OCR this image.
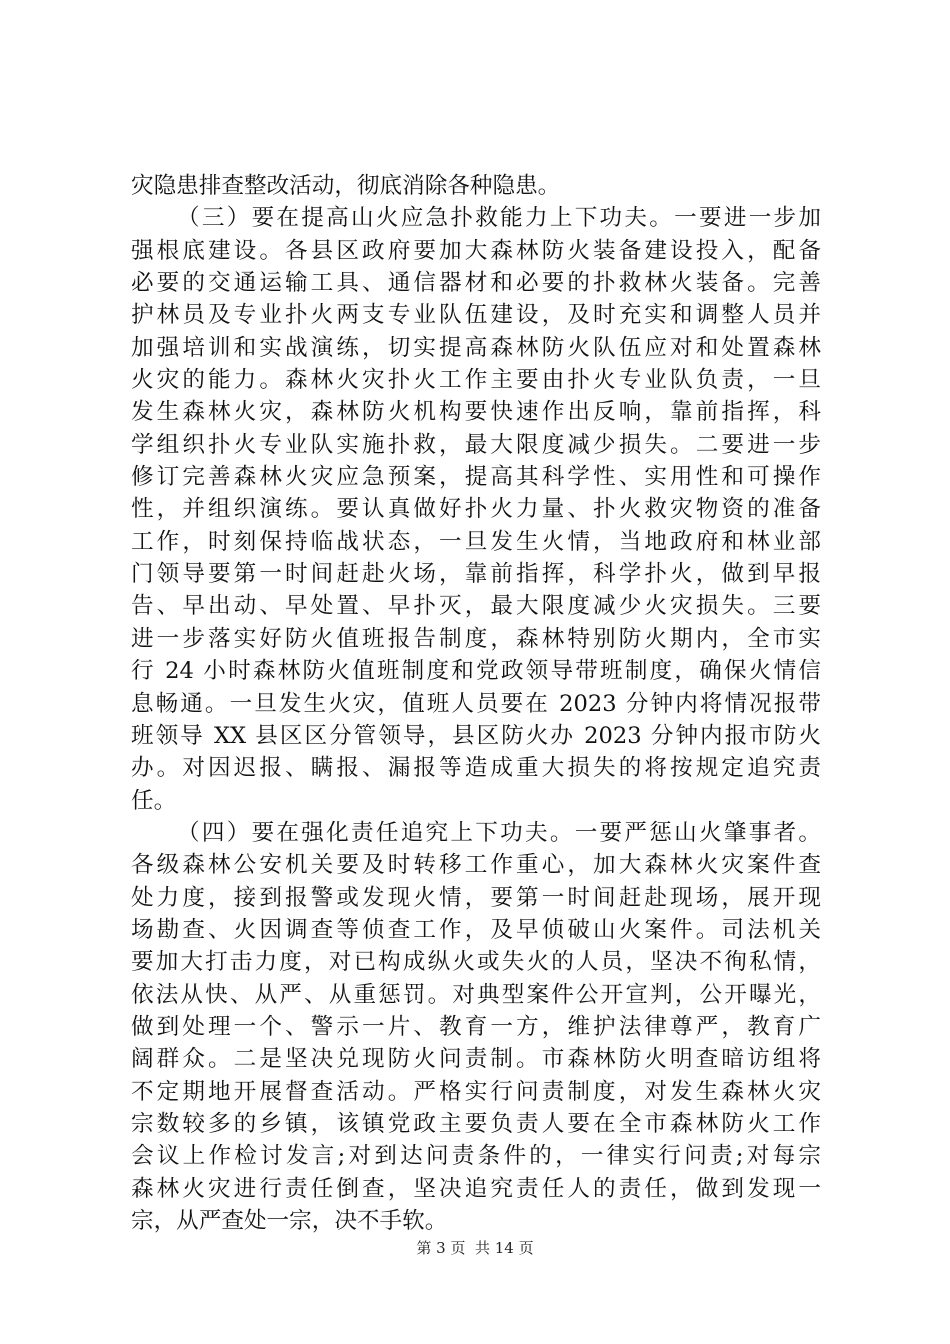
灾隐患排查整改活动，彻底消除各种隐患。
（三）要在提高山火应急扑救能力上下功夫。一要进一步加
强根底建设。各县区政府要加大森林防火装备建设投入，配备
必要的交通运输工具、通信器材和必要的扑救林火装备。完善
护林员及专业扑火两支专业队伍建设，及时充实和调整人员并
加强培训和实战演练，切实提高森林防火队伍应对和处置森林
火灾的能力。森林火灾扑火工作主要由扑火专业队负责，一旦
发生森林火灾，森林防火机构要快速作出反响，靠前指挥，科
学组织扑火专业队实施扑救，最大限度减少损失。二要进一步
修订完善森林火灾应急预案，提高其科学性、实用性和可操作
性，并组织演练。要认真做好扑火力量、扑火救灾物资的准备
工作，时刻保持临战状态，一旦发生火情，当地政府和林业部
门领导要第一时间赶赴火场，靠前指挥，科学扑火，做到早报
告、早出动、早处置、早扑灭，最大限度减少火灾损失。三要
进一步落实好防火值班报告制度，森林特别防火期内，全市实
行 24 小时森林防火值班制度和党政领导带班制度，确保火情信
息畅通。一旦发生火灾，值班人员要在 2023 分钟内将情况报带
班领导 XX 县区区分管领导，县区防火办 2023 分钟内报市防火
办。对因迟报、瞒报、漏报等造成重大损失的将按规定追究责
任。
（四）要在强化责任追究上下功夫。一要严惩山火肇事者。
各级森林公安机关要及时转移工作重心，加大森林火灾案件查
处力度，接到报警或发现火情，要第一时间赶赴现场，展开现
场勘查、火因调查等侦查工作，及早侦破山火案件。司法机关
要加大打击力度，对已构成纵火或失火的人员，坚决不徇私情，
依法从快、从严、从重惩罚。对典型案件公开宣判，公开曝光，
做到处理一个、警示一片、教育一方，维护法律尊严，教育广
阔群众。二是坚决兑现防火问责制。市森林防火明查暗访组将
不定期地开展督查活动。严格实行问责制度，对发生森林火灾
宗数较多的乡镇，该镇党政主要负责人要在全市森林防火工作
会议上作检讨发言;对到达问责条件的，一律实行问责;对每宗
森林火灾进行责任倒查，坚决追究责任人的责任，做到发现一
宗，从严查处一宗，决不手软。
第 3 页 共 14 页
